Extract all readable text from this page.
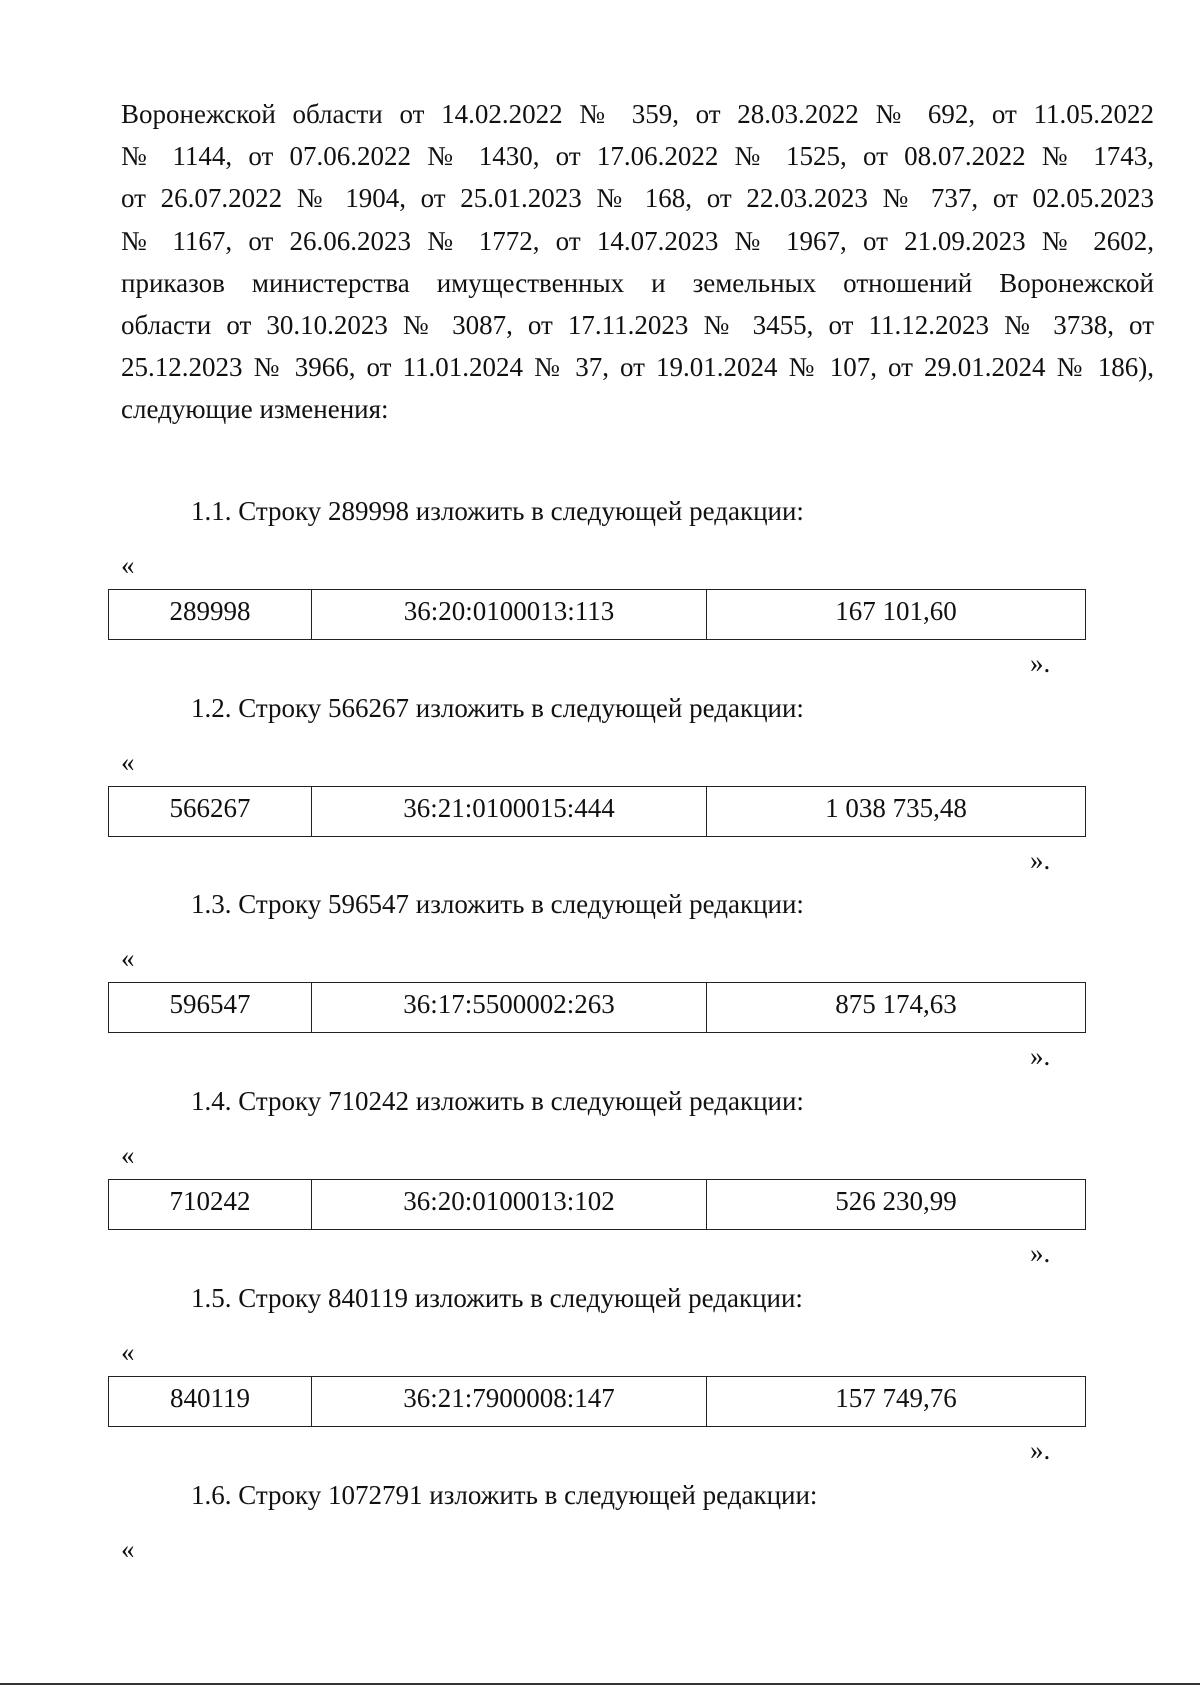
Воронежской области от 14.02.2022 № 359, от 28.03.2022 № 692, от 11.05.2022
№ 1144, от 07.06.2022 № 1430, от 17.06.2022 № 1525, от 08.07.2022 № 1743,
от 26.07.2022 № 1904, от 25.01.2023 № 168, от 22.03.2023 № 737, от 02.05.2023
№ 1167, от 26.06.2023 № 1772, от 14.07.2023 № 1967, от 21.09.2023 № 2602,
приказов министерства имущественных и земельных отношений Воронежской
области от 30.10.2023 № 3087, от 17.11.2023 № 3455, от 11.12.2023 № 3738, от
25.12.2023 № 3966, от 11.01.2024 № 37, от 19.01.2024 № 107, от 29.01.2024 № 186),
следующие изменения:
1.1. Строку 289998 изложить в следующей редакции:
«
289998	36:20:0100013:113	167 101,60
».
1.2. Строку 566267 изложить в следующей редакции:
«
566267	36:21:0100015:444	1 038 735,48
».
1.3. Строку 596547 изложить в следующей редакции:
«
596547	36:17:5500002:263	875 174,63
».
1.4. Строку 710242 изложить в следующей редакции:
«
710242	36:20:0100013:102	526 230,99
».
1.5. Строку 840119 изложить в следующей редакции:
«
840119	36:21:7900008:147	157 749,76
».
1.6. Строку 1072791 изложить в следующей редакции:
«
